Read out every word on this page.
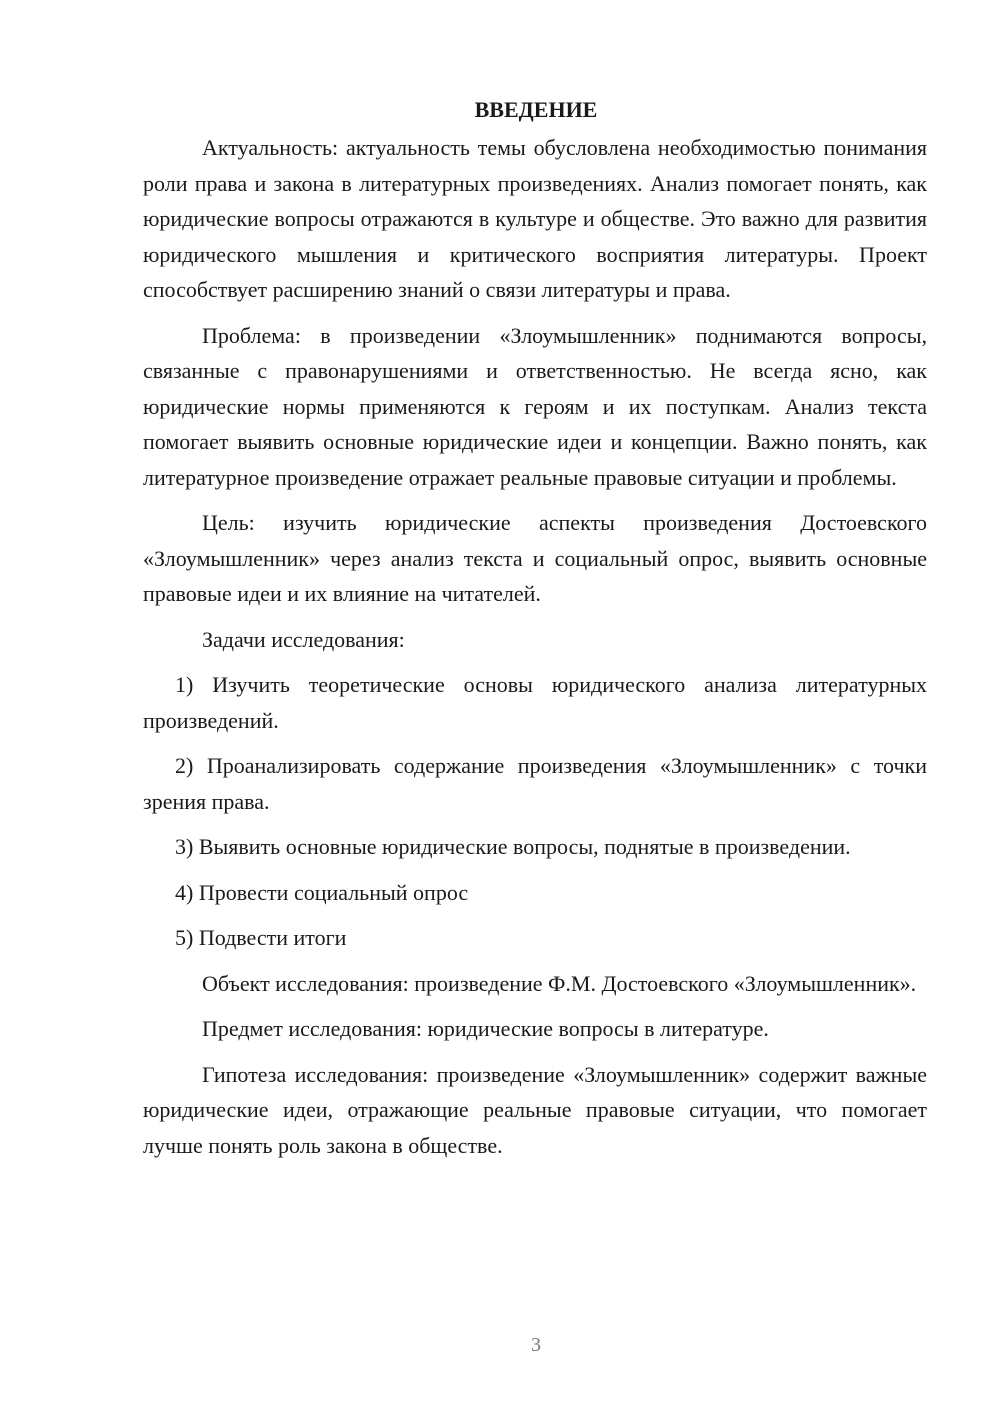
ВВЕДЕНИЕ

Актуальность: актуальность темы обусловлена необходимостью понимания роли права и закона в литературных произведениях. Анализ помогает понять, как юридические вопросы отражаются в культуре и обществе. Это важно для развития юридического мышления и критического восприятия литературы. Проект способствует расширению знаний о связи литературы и права.

Проблема: в произведении «Злоумышленник» поднимаются вопросы, связанные с правонарушениями и ответственностью. Не всегда ясно, как юридические нормы применяются к героям и их поступкам. Анализ текста помогает выявить основные юридические идеи и концепции. Важно понять, как литературное произведение отражает реальные правовые ситуации и проблемы.

Цель: изучить юридические аспекты произведения Достоевского «Злоумышленник» через анализ текста и социальный опрос, выявить основные правовые идеи и их влияние на читателей.

Задачи исследования:

1) Изучить теоретические основы юридического анализа литературных произведений.

2) Проанализировать содержание произведения «Злоумышленник» с точки зрения права.

3) Выявить основные юридические вопросы, поднятые в произведении.

4) Провести социальный опрос

5) Подвести итоги

Объект исследования: произведение Ф.М. Достоевского «Злоумышленник».

Предмет исследования: юридические вопросы в литературе.

Гипотеза исследования: произведение «Злоумышленник» содержит важные юридические идеи, отражающие реальные правовые ситуации, что помогает лучше понять роль закона в обществе.

3
